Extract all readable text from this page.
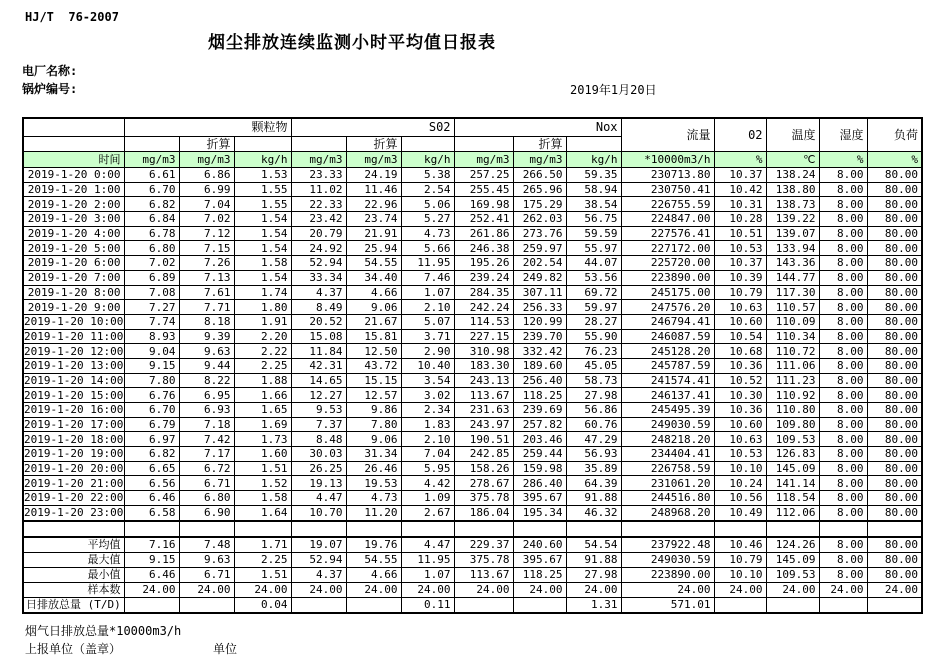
HJ/T  76-2007
烟尘排放连续监测小时平均值日报表
电厂名称:
锅炉编号:	2019年1月20日
	颗粒物			S02			Nox			流量	02	温度	湿度	负荷
		折算			折算			折算						
时间	mg/m3	mg/m3	kg/h	mg/m3	mg/m3	kg/h	mg/m3	mg/m3	kg/h	*10000m3/h	%	℃	%	%
2019-1-20 0:00	6.61	6.86	1.53	23.33	24.19	5.38	257.25	266.50	59.35	230713.80	10.37	138.24	8.00	80.00
2019-1-20 1:00	6.70	6.99	1.55	11.02	11.46	2.54	255.45	265.96	58.94	230750.41	10.42	138.80	8.00	80.00
2019-1-20 2:00	6.82	7.04	1.55	22.33	22.96	5.06	169.98	175.29	38.54	226755.59	10.31	138.73	8.00	80.00
2019-1-20 3:00	6.84	7.02	1.54	23.42	23.74	5.27	252.41	262.03	56.75	224847.00	10.28	139.22	8.00	80.00
2019-1-20 4:00	6.78	7.12	1.54	20.79	21.91	4.73	261.86	273.76	59.59	227576.41	10.51	139.07	8.00	80.00
2019-1-20 5:00	6.80	7.15	1.54	24.92	25.94	5.66	246.38	259.97	55.97	227172.00	10.53	133.94	8.00	80.00
2019-1-20 6:00	7.02	7.26	1.58	52.94	54.55	11.95	195.26	202.54	44.07	225720.00	10.37	143.36	8.00	80.00
2019-1-20 7:00	6.89	7.13	1.54	33.34	34.40	7.46	239.24	249.82	53.56	223890.00	10.39	144.77	8.00	80.00
2019-1-20 8:00	7.08	7.61	1.74	4.37	4.66	1.07	284.35	307.11	69.72	245175.00	10.79	117.30	8.00	80.00
2019-1-20 9:00	7.27	7.71	1.80	8.49	9.06	2.10	242.24	256.33	59.97	247576.20	10.63	110.57	8.00	80.00
2019-1-20 10:00	7.74	8.18	1.91	20.52	21.67	5.07	114.53	120.99	28.27	246794.41	10.60	110.09	8.00	80.00
2019-1-20 11:00	8.93	9.39	2.20	15.08	15.81	3.71	227.15	239.70	55.90	246087.59	10.54	110.34	8.00	80.00
2019-1-20 12:00	9.04	9.63	2.22	11.84	12.50	2.90	310.98	332.42	76.23	245128.20	10.68	110.72	8.00	80.00
2019-1-20 13:00	9.15	9.44	2.25	42.31	43.72	10.40	183.30	189.60	45.05	245787.59	10.36	111.06	8.00	80.00
2019-1-20 14:00	7.80	8.22	1.88	14.65	15.15	3.54	243.13	256.40	58.73	241574.41	10.52	111.23	8.00	80.00
2019-1-20 15:00	6.76	6.95	1.66	12.27	12.57	3.02	113.67	118.25	27.98	246137.41	10.30	110.92	8.00	80.00
2019-1-20 16:00	6.70	6.93	1.65	9.53	9.86	2.34	231.63	239.69	56.86	245495.39	10.36	110.80	8.00	80.00
2019-1-20 17:00	6.79	7.18	1.69	7.37	7.80	1.83	243.97	257.82	60.76	249030.59	10.60	109.80	8.00	80.00
2019-1-20 18:00	6.97	7.42	1.73	8.48	9.06	2.10	190.51	203.46	47.29	248218.20	10.63	109.53	8.00	80.00
2019-1-20 19:00	6.82	7.17	1.60	30.03	31.34	7.04	242.85	259.44	56.93	234404.41	10.53	126.83	8.00	80.00
2019-1-20 20:00	6.65	6.72	1.51	26.25	26.46	5.95	158.26	159.98	35.89	226758.59	10.10	145.09	8.00	80.00
2019-1-20 21:00	6.56	6.71	1.52	19.13	19.53	4.42	278.67	286.40	64.39	231061.20	10.24	141.14	8.00	80.00
2019-1-20 22:00	6.46	6.80	1.58	4.47	4.73	1.09	375.78	395.67	91.88	244516.80	10.56	118.54	8.00	80.00
2019-1-20 23:00	6.58	6.90	1.64	10.70	11.20	2.67	186.04	195.34	46.32	248968.20	10.49	112.06	8.00	80.00

平均值	7.16	7.48	1.71	19.07	19.76	4.47	229.37	240.60	54.54	237922.48	10.46	124.26	8.00	80.00
最大值	9.15	9.63	2.25	52.94	54.55	11.95	375.78	395.67	91.88	249030.59	10.79	145.09	8.00	80.00
最小值	6.46	6.71	1.51	4.37	4.66	1.07	113.67	118.25	27.98	223890.00	10.10	109.53	8.00	80.00
样本数	24.00	24.00	24.00	24.00	24.00	24.00	24.00	24.00	24.00	24.00	24.00	24.00	24.00	24.00
日排放总量 (T/D)			0.04			0.11			1.31	571.01				
烟气日排放总量*10000m3/h
上报单位（盖章）	单位
